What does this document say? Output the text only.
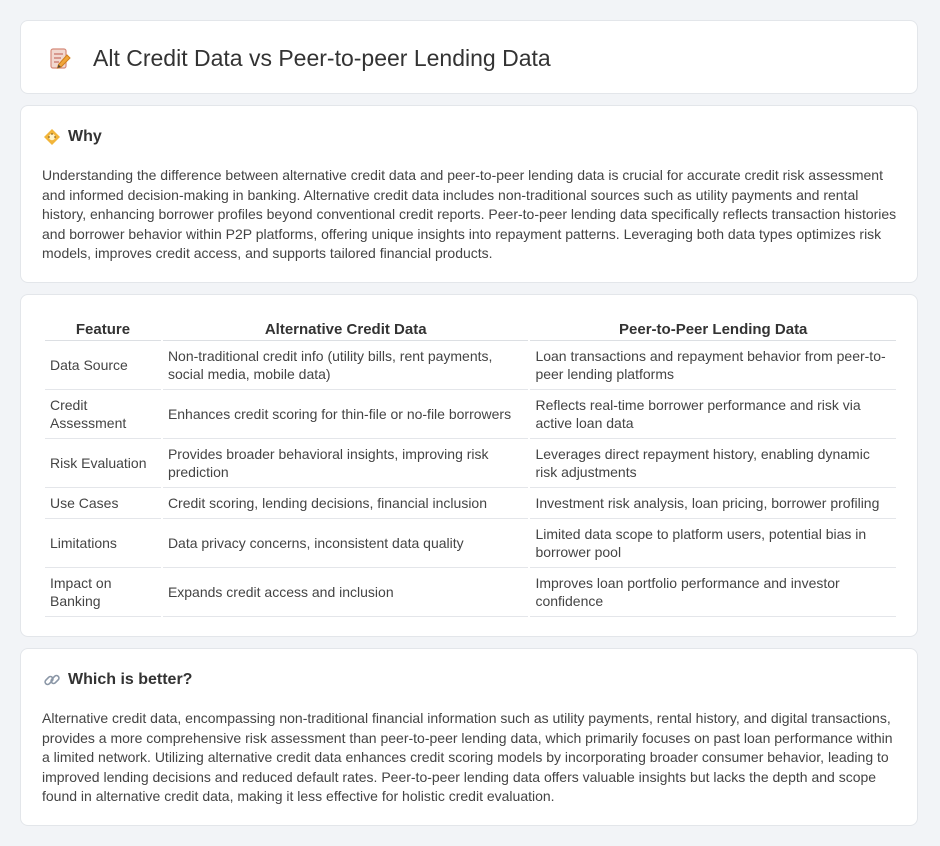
Alt Credit Data vs Peer-to-peer Lending Data
Why
Understanding the difference between alternative credit data and peer-to-peer lending data is crucial for accurate credit risk assessment and informed decision-making in banking. Alternative credit data includes non-traditional sources such as utility payments and rental history, enhancing borrower profiles beyond conventional credit reports. Peer-to-peer lending data specifically reflects transaction histories and borrower behavior within P2P platforms, offering unique insights into repayment patterns. Leveraging both data types optimizes risk models, improves credit access, and supports tailored financial products.
Feature	Alternative Credit Data	Peer-to-Peer Lending Data
Data Source	Non-traditional credit info (utility bills, rent payments, social media, mobile data)	Loan transactions and repayment behavior from peer-to-peer lending platforms
Credit Assessment	Enhances credit scoring for thin-file or no-file borrowers	Reflects real-time borrower performance and risk via active loan data
Risk Evaluation	Provides broader behavioral insights, improving risk prediction	Leverages direct repayment history, enabling dynamic risk adjustments
Use Cases	Credit scoring, lending decisions, financial inclusion	Investment risk analysis, loan pricing, borrower profiling
Limitations	Data privacy concerns, inconsistent data quality	Limited data scope to platform users, potential bias in borrower pool
Impact on Banking	Expands credit access and inclusion	Improves loan portfolio performance and investor confidence
Which is better?
Alternative credit data, encompassing non-traditional financial information such as utility payments, rental history, and digital transactions, provides a more comprehensive risk assessment than peer-to-peer lending data, which primarily focuses on past loan performance within a limited network. Utilizing alternative credit data enhances credit scoring models by incorporating broader consumer behavior, leading to improved lending decisions and reduced default rates. Peer-to-peer lending data offers valuable insights but lacks the depth and scope found in alternative credit data, making it less effective for holistic credit evaluation.
